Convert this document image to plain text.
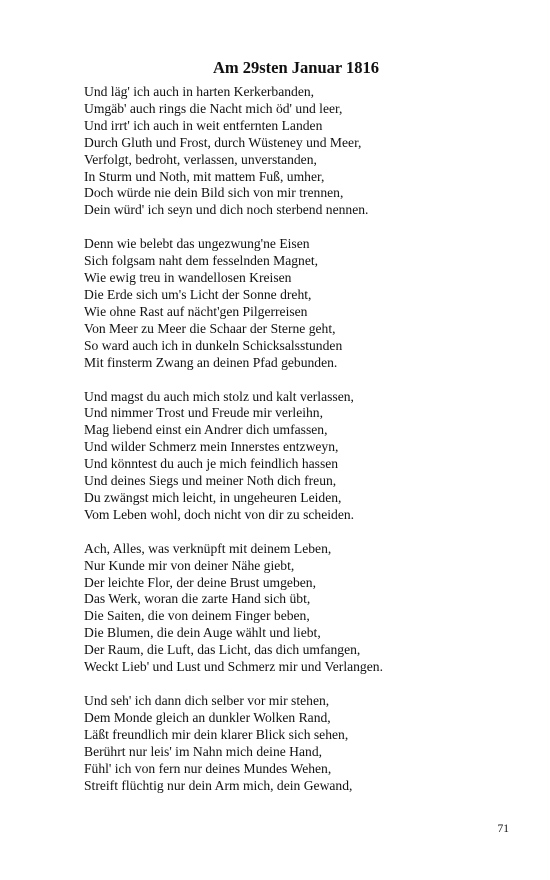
Am 29sten Januar 1816
Und läg' ich auch in harten Kerkerbanden,
Umgäb' auch rings die Nacht mich öd' und leer,
Und irrt' ich auch in weit entfernten Landen
Durch Gluth und Frost, durch Wüsteney und Meer,
Verfolgt, bedroht, verlassen, unverstanden,
In Sturm und Noth, mit mattem Fuß, umher,
Doch würde nie dein Bild sich von mir trennen,
Dein würd' ich seyn und dich noch sterbend nennen.
Denn wie belebt das ungezwung'ne Eisen
Sich folgsam naht dem fesselnden Magnet,
Wie ewig treu in wandellosen Kreisen
Die Erde sich um's Licht der Sonne dreht,
Wie ohne Rast auf nächt'gen Pilgerreisen
Von Meer zu Meer die Schaar der Sterne geht,
So ward auch ich in dunkeln Schicksalsstunden
Mit finsterm Zwang an deinen Pfad gebunden.
Und magst du auch mich stolz und kalt verlassen,
Und nimmer Trost und Freude mir verleihn,
Mag liebend einst ein Andrer dich umfassen,
Und wilder Schmerz mein Innerstes entzweyn,
Und könntest du auch je mich feindlich hassen
Und deines Siegs und meiner Noth dich freun,
Du zwängst mich leicht, in ungeheuren Leiden,
Vom Leben wohl, doch nicht von dir zu scheiden.
Ach, Alles, was verknüpft mit deinem Leben,
Nur Kunde mir von deiner Nähe giebt,
Der leichte Flor, der deine Brust umgeben,
Das Werk, woran die zarte Hand sich übt,
Die Saiten, die von deinem Finger beben,
Die Blumen, die dein Auge wählt und liebt,
Der Raum, die Luft, das Licht, das dich umfangen,
Weckt Lieb' und Lust und Schmerz mir und Verlangen.
Und seh' ich dann dich selber vor mir stehen,
Dem Monde gleich an dunkler Wolken Rand,
Läßt freundlich mir dein klarer Blick sich sehen,
Berührt nur leis' im Nahn mich deine Hand,
Fühl' ich von fern nur deines Mundes Wehen,
Streift flüchtig nur dein Arm mich, dein Gewand,
71
